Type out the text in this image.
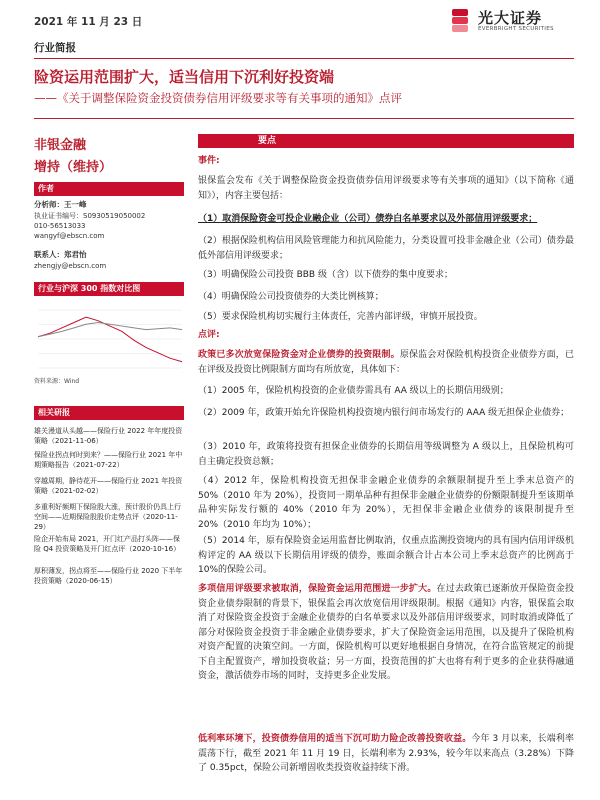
2021 年 11 月 23 日
行业简报
光大证券
EVERBRIGHT SECURITIES
险资运用范围扩大，适当信用下沉利好投资端
——《关于调整保险资金投资债券信用评级要求等有关事项的通知》点评
非银金融
增持（维持）
作者
分析师：王一峰
执业证书编号：S0930519050002
010-56513033
wangyf@ebscn.com
联系人：郑君怡
zhengjy@ebscn.com
行业与沪深 300 指数对比图
资料来源：Wind
相关研报
雄关漫道从头越——保险行业 2022 年年度投资策略（2021-11-06）
保险业拐点何时到来？——保险行业 2021 年中期策略报告（2021-07-22）
穿越周期，静待花开——保险行业 2021 年投资策略（2021-02-02）
多重利好频期下保险股大涨，预计股价仍具上行空间——近期保险股股价走势点评（2020-11-29）
险企开始布局 2021，开门红产品打头阵——保险 Q4 投资策略及开门红点评（2020-10-16）
厚积薄发，拐点将至——保险行业 2020 下半年投资策略（2020-06-15）
要点
事件:
银保监会发布《关于调整保险资金投资债券信用评级要求等有关事项的通知》（以下简称《通知》），内容主要包括：
（1）取消保险资金可投企业融企业（公司）债券白名单要求以及外部信用评级要求；
（2）根据保险机构信用风险管理能力和抗风险能力，分类设置可投非金融企业（公司）债券最低外部信用评级要求；
（3）明确保险公司投资 BBB 级（含）以下债券的集中度要求；
（4）明确保险公司投资债券的大类比例核算；
（5）要求保险机构切实履行主体责任，完善内部评级，审慎开展投资。
点评:
政策已多次放宽保险资金对企业债券的投资限制。原保监会对保险机构投资企业债券方面，已在评级及投资比例限制方面均有所放宽，具体如下：
（1）2005 年，保险机构投资的企业债券需具有 AA 级以上的长期信用级别；
（2）2009 年，政策开始允许保险机构投资境内银行间市场发行的 AAA 级无担保企业债券；
（3）2010 年，政策将投资有担保企业债券的长期信用等级调整为 A 级以上，且保险机构可自主确定投资总额；
（4）2012 年，保险机构投资无担保非金融企业债券的余额限制提升至上季末总资产的 50%（2010 年为 20%），投资同一期单品种有担保非金融企业债券的份额限制提升至该期单品种实际发行额的 40%（2010 年为 20%），无担保非金融企业债券的该限制提升至 20%（2010 年均为 10%）；
（5）2014 年，原有保险资金运用监督比例取消，仅重点监测投资境内的具有国内信用评级机构评定的 AA 级以下长期信用评级的债券，账面余额合计占本公司上季末总资产的比例高于 10%的保险公司。
多项信用评级要求被取消，保险资金运用范围进一步扩大。在过去政策已逐渐放开保险资金投资企业债券限制的背景下，银保监会再次放宽信用评级限制。根据《通知》内容，银保监会取消了对保险资金投资于金融企业债券的白名单要求以及外部信用评级要求，同时取消或降低了部分对保险资金投资于非金融企业债券要求，扩大了保险资金运用范围，以及提升了保险机构对资产配置的决策空间。一方面，保险机构可以更好地根据自身情况，在符合监管规定的前提下自主配置资产，增加投资收益；另一方面，投资范围的扩大也将有利于更多的企业获得融通资金，激活债券市场的同时，支持更多企业发展。
低利率环境下，投资债券信用的适当下沉可助力险企改善投资收益。今年 3 月以来，长端利率震荡下行，截至 2021 年 11 月 19 日，长端利率为 2.93%，较今年以来高点（3.28%）下降了 0.35pct，保险公司新增固收类投资收益持续下滑。
